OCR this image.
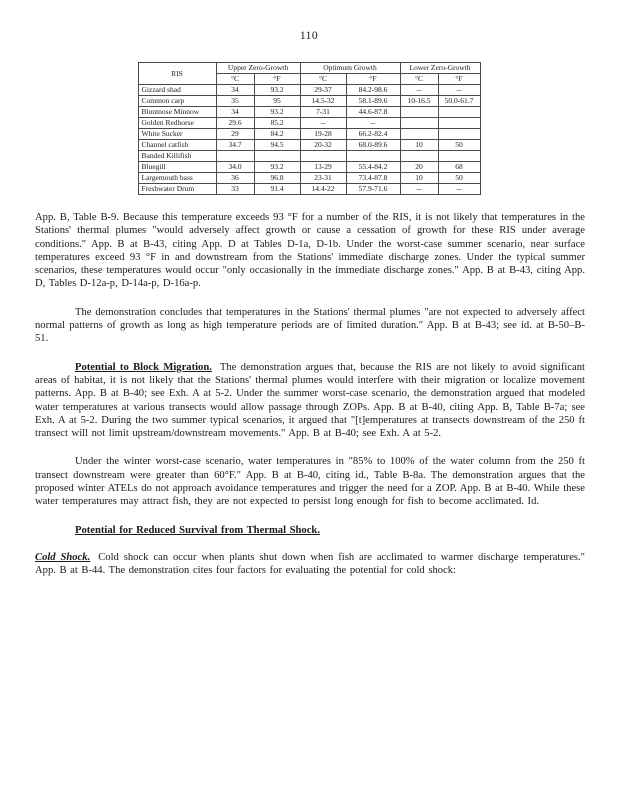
110
RIS	Upper Zero-Growth		Optimum Growth		Lower Zero-Growth	
	°C	°F	°C	°F	°C	°F
Gizzard shad	34	93.2	29-37	84.2-98.6	--	--
Common carp	35	95	14.5-32	58.1-89.6	10-16.5	50.0-61.7
Bluntnose Minnow	34	93.2	7-31	44.6-87.8		
Golden Redhorse	29.6	85.2	--	--		
White Sucker	29	84.2	19-28	66.2-82.4		
Channel catfish	34.7	94.5	20-32	68.0-89.6	10	50
Banded Killifish						
Bluegill	34.0	93.2	13-29	55.4-84.2	20	68
Largemouth bass	36	96.8	23-31	73.4-87.8	10	50
Freshwater Drum	33	91.4	14.4-22	57.9-71.6	--	--

App. B, Table B-9. Because this temperature exceeds 93 °F for a number of the RIS, it is not likely that temperatures in the Stations' thermal plumes "would adversely affect growth or cause a cessation of growth for these RIS under average conditions." App. B at B-43, citing App. D at Tables D-1a, D-1b. Under the worst-case summer scenario, near surface temperatures exceed 93 °F in and downstream from the Stations' immediate discharge zones. Under the typical summer scenarios, these temperatures would occur "only occasionally in the immediate discharge zones." App. B at B-43, citing App. D, Tables D-12a-p, D-14a-p, D-16a-p.

The demonstration concludes that temperatures in the Stations' thermal plumes "are not expected to adversely affect normal patterns of growth as long as high temperature periods are of limited duration." App. B at B-43; see id. at B-50–B-51.

Potential to Block Migration. The demonstration argues that, because the RIS are not likely to avoid significant areas of habitat, it is not likely that the Stations' thermal plumes would interfere with their migration or localize movement patterns. App. B at B-40; see Exh. A at 5-2. Under the summer worst-case scenario, the demonstration argued that modeled water temperatures at various transects would allow passage through ZOPs. App. B at B-40, citing App. B, Table B-7a; see Exh. A at 5-2. During the two summer typical scenarios, it argued that "[t]emperatures at transects downstream of the 250 ft transect will not limit upstream/downstream movements." App. B at B-40; see Exh. A at 5-2.

Under the winter worst-case scenario, water temperatures in "85% to 100% of the water column from the 250 ft transect downstream were greater than 60°F." App. B at B-40, citing id., Table B-8a. The demonstration argues that the proposed winter ATELs do not approach avoidance temperatures and trigger the need for a ZOP. App. B at B-40. While these water temperatures may attract fish, they are not expected to persist long enough for fish to become acclimated. Id.

Potential for Reduced Survival from Thermal Shock.

Cold Shock. Cold shock can occur when plants shut down when fish are acclimated to warmer discharge temperatures." App. B at B-44. The demonstration cites four factors for evaluating the potential for cold shock:
